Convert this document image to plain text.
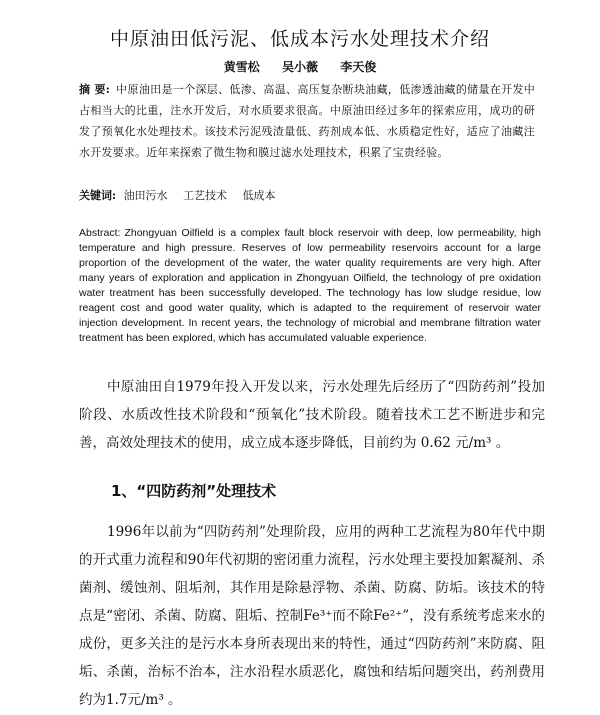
中原油田低污泥、低成本污水处理技术介绍
黄雪松 吴小薇 李天俊
摘 要: 中原油田是一个深层、低渗、高温、高压复杂断块油藏，低渗透油藏的储量在开发中占相当大的比重，注水开发后，对水质要求很高。中原油田经过多年的探索应用，成功的研发了预氧化水处理技术。该技术污泥残渣量低、药剂成本低、水质稳定性好，适应了油藏注水开发要求。近年来探索了微生物和膜过滤水处理技术，积累了宝贵经验。
关键词: 油田污水 工艺技术 低成本
Abstract: Zhongyuan Oilfield is a complex fault block reservoir with deep, low permeability, high temperature and high pressure. Reserves of low permeability reservoirs account for a large proportion of the development of the water, the water quality requirements are very high. After many years of exploration and application in Zhongyuan Oilfield, the technology of pre oxidation water treatment has been successfully developed. The technology has low sludge residue, low reagent cost and good water quality, which is adapted to the requirement of reservoir water injection development. In recent years, the technology of microbial and membrane filtration water treatment has been explored, which has accumulated valuable experience.
中原油田自1979年投入开发以来，污水处理先后经历了“四防药剂”投加阶段、水质改性技术阶段和“预氧化”技术阶段。随着技术工艺不断进步和完善，高效处理技术的使用，成立成本逐步降低，目前约为 0.62 元/m³ 。
1、“四防药剂”处理技术
1996年以前为“四防药剂”处理阶段，应用的两种工艺流程为80年代中期的开式重力流程和90年代初期的密闭重力流程，污水处理主要投加絮凝剂、杀菌剂、缓蚀剂、阻垢剂，其作用是除悬浮物、杀菌、防腐、防垢。该技术的特点是“密闭、杀菌、防腐、阻垢、控制Fe³⁺而不除Fe²⁺”，没有系统考虑来水的成份，更多关注的是污水本身所表现出来的特性，通过“四防药剂”来防腐、阻垢、杀菌，治标不治本，注水沿程水质恶化，腐蚀和结垢问题突出，药剂费用约为1.7元/m³ 。
